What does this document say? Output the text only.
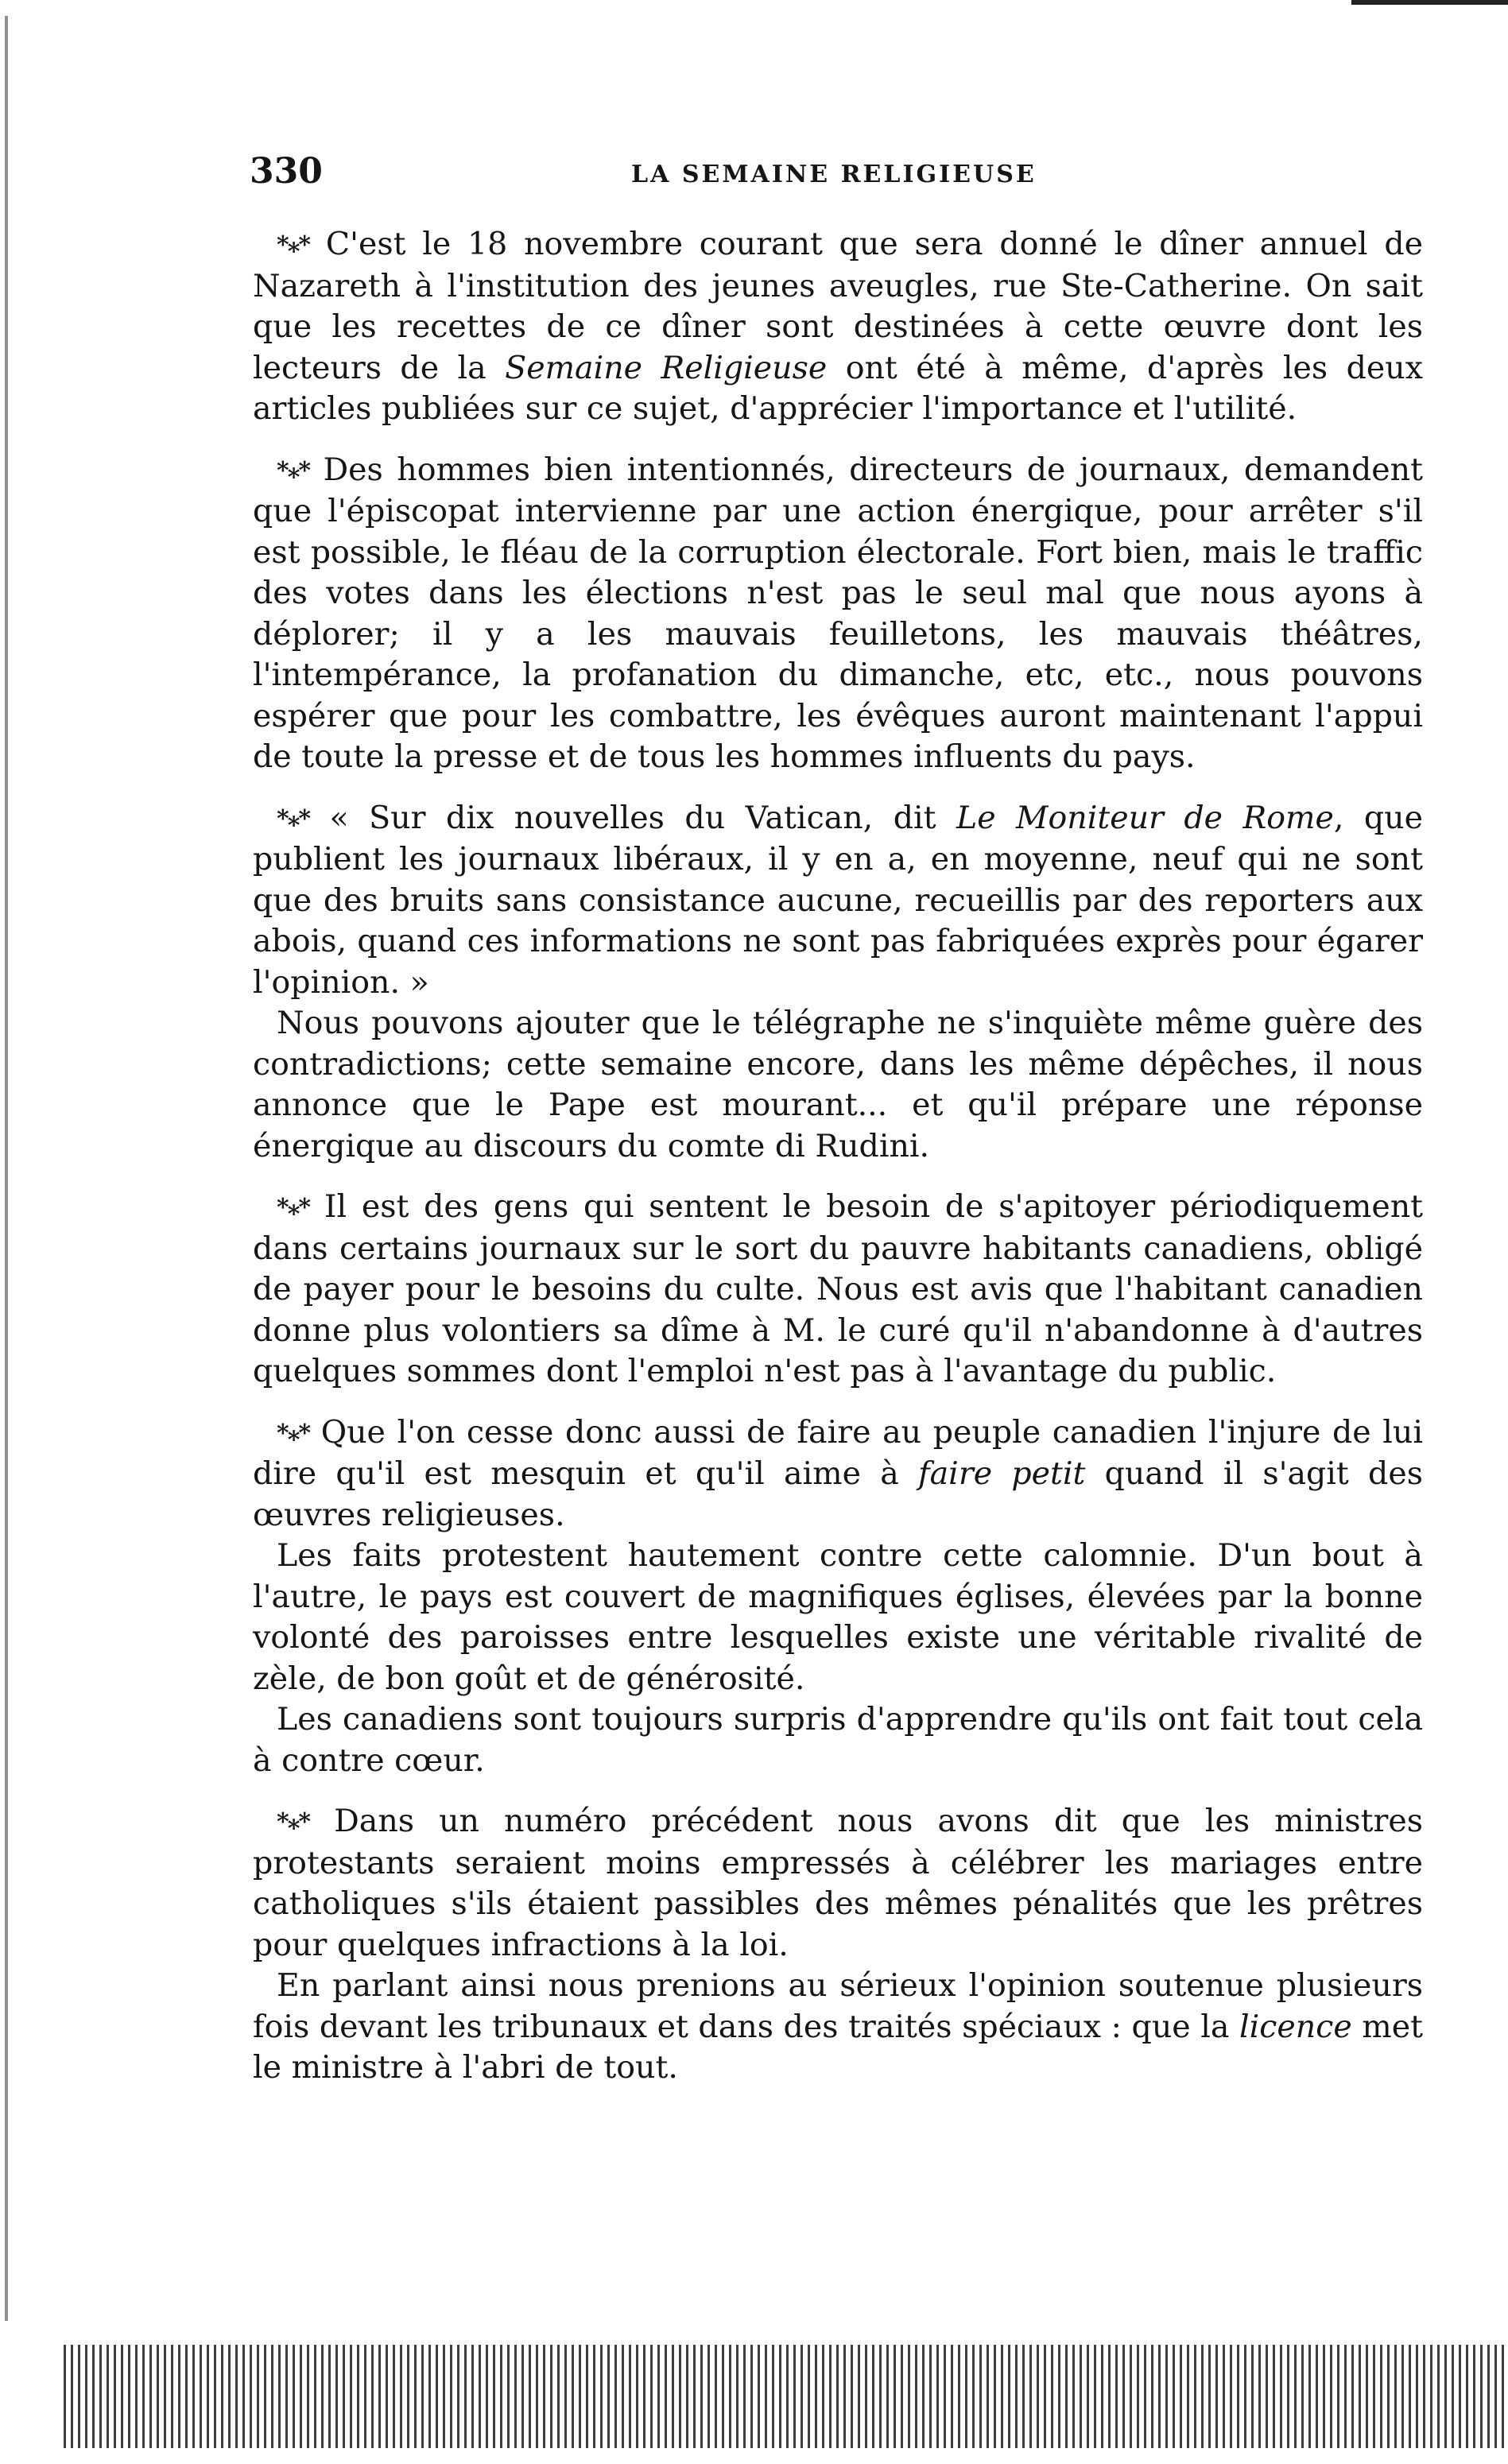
330	LA SEMAINE RELIGIEUSE

*⁎* C'est le 18 novembre courant que sera donné le dîner annuel de Nazareth à l'institution des jeunes aveugles, rue Ste-Catherine. On sait que les recettes de ce dîner sont destinées à cette œuvre dont les lecteurs de la Semaine Religieuse ont été à même, d'après les deux articles publiées sur ce sujet, d'apprécier l'importance et l'utilité.

*⁎* Des hommes bien intentionnés, directeurs de journaux, demandent que l'épiscopat intervienne par une action énergique, pour arrêter s'il est possible, le fléau de la corruption électorale. Fort bien, mais le traffic des votes dans les élections n'est pas le seul mal que nous ayons à déplorer; il y a les mauvais feuilletons, les mauvais théâtres, l'intempérance, la profanation du dimanche, etc, etc., nous pouvons espérer que pour les combattre, les évêques auront maintenant l'appui de toute la presse et de tous les hommes influents du pays.

*⁎* « Sur dix nouvelles du Vatican, dit Le Moniteur de Rome, que publient les journaux libéraux, il y en a, en moyenne, neuf qui ne sont que des bruits sans consistance aucune, recueillis par des reporters aux abois, quand ces informations ne sont pas fabriquées exprès pour égarer l'opinion. »

Nous pouvons ajouter que le télégraphe ne s'inquiète même guère des contradictions; cette semaine encore, dans les même dépêches, il nous annonce que le Pape est mourant... et qu'il prépare une réponse énergique au discours du comte di Rudini.

*⁎* Il est des gens qui sentent le besoin de s'apitoyer périodiquement dans certains journaux sur le sort du pauvre habitants canadiens, obligé de payer pour le besoins du culte. Nous est avis que l'habitant canadien donne plus volontiers sa dîme à M. le curé qu'il n'abandonne à d'autres quelques sommes dont l'emploi n'est pas à l'avantage du public.

*⁎* Que l'on cesse donc aussi de faire au peuple canadien l'injure de lui dire qu'il est mesquin et qu'il aime à faire petit quand il s'agit des œuvres religieuses.

Les faits protestent hautement contre cette calomnie. D'un bout à l'autre, le pays est couvert de magnifiques églises, élevées par la bonne volonté des paroisses entre lesquelles existe une véritable rivalité de zèle, de bon goût et de générosité.

Les canadiens sont toujours surpris d'apprendre qu'ils ont fait tout cela à contre cœur.

*⁎* Dans un numéro précédent nous avons dit que les ministres protestants seraient moins empressés à célébrer les mariages entre catholiques s'ils étaient passibles des mêmes pénalités que les prêtres pour quelques infractions à la loi.

En parlant ainsi nous prenions au sérieux l'opinion soutenue plusieurs fois devant les tribunaux et dans des traités spéciaux : que la licence met le ministre à l'abri de tout.
